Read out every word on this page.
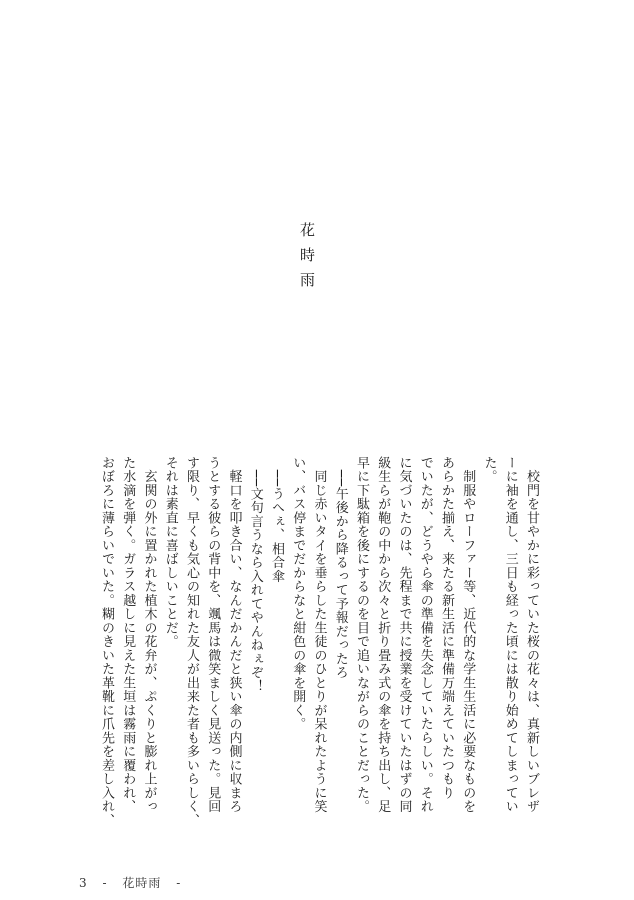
花時雨

　校門を甘やかに彩っていた桜の花々は、真新しいブレザ

ーに袖を通し、三日も経った頃には散り始めてしまってい

た。

　制服やローファー等、近代的な学生生活に必要なものを

あらかた揃え、来たる新生活に準備万端えていたつもり

でいたが、どうやら傘の準備を失念していたらしい。それ

に気づいたのは、先程まで共に授業を受けていたはずの同

級生らが鞄の中から次々と折り畳み式の傘を持ち出し、足

早に下駄箱を後にするのを目で追いながらのことだった。

　──午後から降るって予報だったろ

　同じ赤いタイを垂らした生徒のひとりが呆れたように笑

い、バス停までだからなと紺色の傘を開く。

　──うへぇ、相合傘

　──文句言うなら入れてやんねぇぞ！

　軽口を叩き合い、なんだかんだと狭い傘の内側に収まろ

うとする彼らの背中を、颯馬は微笑ましく見送った。見回

す限り、早くも気心の知れた友人が出来た者も多いらしく、

それは素直に喜ばしいことだ。

　玄関の外に置かれた植木の花弁が、ぷくりと膨れ上がっ

た水滴を弾く。ガラス越しに見えた生垣は霧雨に覆われ、

おぼろに薄らいでいた。糊のきいた革靴に爪先を差し入れ、

3 - 花時雨 -
